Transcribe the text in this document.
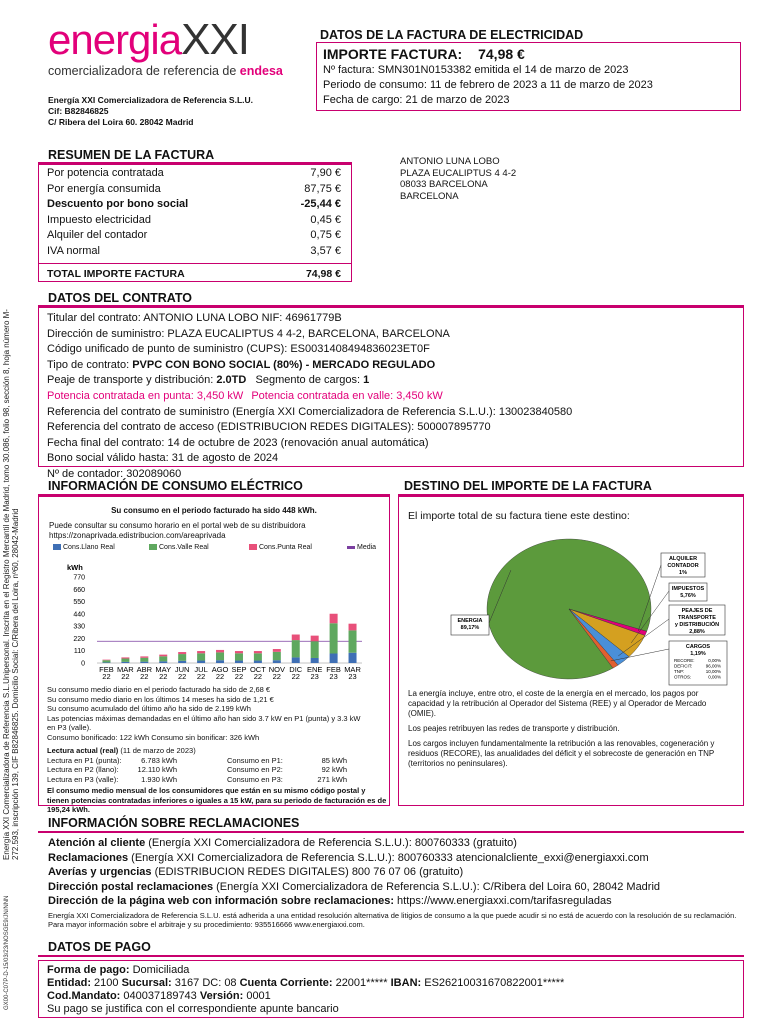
energia XXI
comercializadora de referencia de endesa
Energía XXI Comercializadora de Referencia S.L.U.
Cif: B82846825
C/ Ribera del Loira 60. 28042 Madrid
DATOS DE LA FACTURA DE ELECTRICIDAD
IMPORTE FACTURA: 74,98 €
Nº factura: SMN301N0153382 emitida el 14 de marzo de 2023
Periodo de consumo: 11 de febrero de 2023 a 11 de marzo de 2023
Fecha de cargo: 21 de marzo de 2023
Energía XXI Comercializadora de Referencia S.L.Unipersonal. Inscrita en el Registro Mercantil de Madrid, tomo 30.086, folio 98, sección 8, hoja número M-272.593, inscripción 139, CIF B82846825. Domicilio Social: C/Ribera del Loira, nº60, 28042-Madrid
GX00-C07P-D-15/03/23/NOSGE9/JN/NNN
RESUMEN DE LA FACTURA
Por potencia contratada	7,90 €
Por energía consumida	87,75 €
Descuento por bono social	-25,44 €
Impuesto electricidad	0,45 €
Alquiler del contador	0,75 €
IVA normal	3,57 €
TOTAL IMPORTE FACTURA	74,98 €
ANTONIO LUNA LOBO
PLAZA EUCALIPTUS 4 4-2
08033 BARCELONA
BARCELONA
DATOS DEL CONTRATO
Titular del contrato: ANTONIO LUNA LOBO NIF: 46961779B
Dirección de suministro: PLAZA EUCALIPTUS 4 4-2, BARCELONA, BARCELONA
Código unificado de punto de suministro (CUPS): ES0031408494836023ET0F
Tipo de contrato: PVPC CON BONO SOCIAL (80%) - MERCADO REGULADO
Peaje de transporte y distribución: 2.0TD   Segmento de cargos: 1
Potencia contratada en punta: 3,450 kW Potencia contratada en valle: 3,450 kW
Referencia del contrato de suministro (Energía XXI Comercializadora de Referencia S.L.U.): 130023840580
Referencia del contrato de acceso (EDISTRIBUCION REDES DIGITALES): 500007895770
Fecha final del contrato: 14 de octubre de 2023 (renovación anual automática)
Bono social válido hasta: 31 de agosto de 2024
Nº de contador: 302089060
INFORMACIÓN DE CONSUMO ELÉCTRICO
Su consumo en el periodo facturado ha sido 448 kWh.
Puede consultar su consumo horario en el portal web de su distribuidora
https://zonaprivada.edistribucion.com/areaprivada
Cons.Llano Real	Cons.Valle Real	Cons.Punta Real	Media
kWh
770
660
550
440
330
220
110
0
FEB
22
MAR
22
ABR
22
MAY
22
JUN
22
JUL
22
AGO
22
SEP
22
OCT
22
NOV
22
DIC
22
ENE
23
FEB
23
MAR
23
Su consumo medio diario en el periodo facturado ha sido de 2,68 €
Su consumo medio diario en los últimos 14 meses ha sido de 1,21 €
Su consumo acumulado del último año ha sido de 2.199 kWh
Las potencias máximas demandadas en el último año han sido 3.7 kW en P1 (punta) y 3.3 kW
en P3 (valle).
Consumo bonificado: 122 kWh Consumo sin bonificar: 326 kWh
Lectura actual (real) (11 de marzo de 2023)
Lectura en P1 (punta):	6.783 kWh	Consumo en P1:	85 kWh
Lectura en P2 (llano):	12.110 kWh	Consumo en P2:	92 kWh
Lectura en P3 (valle):	1.930 kWh	Consumo en P3:	271 kWh
El consumo medio mensual de los consumidores que están en su mismo código postal y tienen potencias contratadas inferiores o iguales a 15 kW, para su periodo de facturación es de 195,24 kWh.
DESTINO DEL IMPORTE DE LA FACTURA
El importe total de su factura tiene este destino:
ENERGIA
89,17%
ALQUILER
CONTADOR
1%
IMPUESTOS
5,76%
PEAJES DE
TRANSPORTE
y DISTRIBUCIÓN
2,88%
CARGOS
1,19%
RECORE:	0,00%
DEFICIT:	96,00%
TNP:	10,00%
OTROS:	0,00%
La energía incluye, entre otro, el coste de la energía en el mercado, los pagos por capacidad y la retribución al Operador del Sistema (REE) y al Operador de Mercado (OMIE).
Los peajes retribuyen las redes de transporte y distribución.
Los cargos incluyen fundamentalmente la retribución a las renovables, cogeneración y residuos (RECORE), las anualidades del déficit y el sobrecoste de generación en TNP (territorios no peninsulares).
INFORMACIÓN SOBRE RECLAMACIONES
Atención al cliente (Energía XXI Comercializadora de Referencia S.L.U.): 800760333 (gratuito)
Reclamaciones (Energía XXI Comercializadora de Referencia S.L.U.): 800760333 atencionalcliente_exxi@energiaxxi.com
Averías y urgencias (EDISTRIBUCION REDES DIGITALES) 800 76 07 06 (gratuito)
Dirección postal reclamaciones (Energía XXI Comercializadora de Referencia S.L.U.): C/Ribera del Loira 60, 28042 Madrid
Dirección de la página web con información sobre reclamaciones: https://www.energiaxxi.com/tarifasreguladas
Energía XXI Comercializadora de Referencia S.L.U. está adherida a una entidad resolución alternativa de litigios de consumo a la que puede acudir si no está de acuerdo con la resolución de su reclamación. Para mayor información sobre el arbitraje y su procedimiento: 935516666 www.energiaxxi.com.
DATOS DE PAGO
Forma de pago: Domiciliada
Entidad: 2100 Sucursal: 3167 DC: 08 Cuenta Corriente: 22001***** IBAN: ES26210031670822001*****
Cod.Mandato: 040037189743 Versión: 0001
Su pago se justifica con el correspondiente apunte bancario
